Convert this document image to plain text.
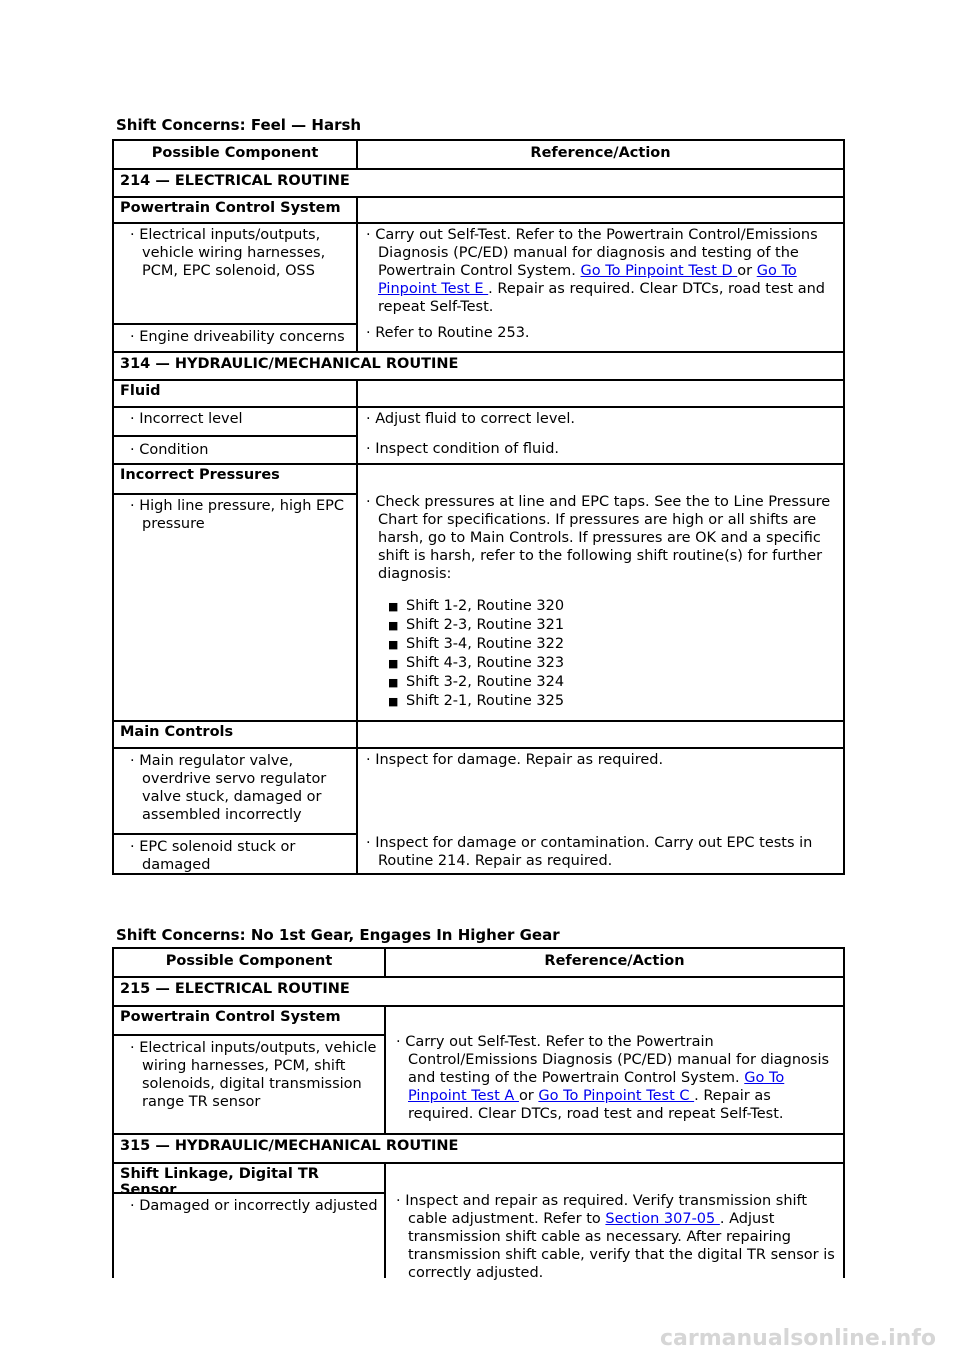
Shift Concerns: Feel — Harsh
Possible Component	Reference/Action
214 — ELECTRICAL ROUTINE
Powertrain Control System
· Electrical inputs/outputs, vehicle wiring harnesses, PCM, EPC solenoid, OSS
· Engine driveability concerns
· Carry out Self-Test. Refer to the Powertrain Control/Emissions Diagnosis (PC/ED) manual for diagnosis and testing of the Powertrain Control System. Go To Pinpoint Test D or Go To Pinpoint Test E . Repair as required. Clear DTCs, road test and repeat Self-Test.
· Refer to Routine 253.
314 — HYDRAULIC/MECHANICAL ROUTINE
Fluid
· Incorrect level
· Condition
· Adjust fluid to correct level.
· Inspect condition of fluid.
Incorrect Pressures
· High line pressure, high EPC pressure
· Check pressures at line and EPC taps. See the to Line Pressure Chart for specifications. If pressures are high or all shifts are harsh, go to Main Controls. If pressures are OK and a specific shift is harsh, refer to the following shift routine(s) for further diagnosis:
■ Shift 1-2, Routine 320
■ Shift 2-3, Routine 321
■ Shift 3-4, Routine 322
■ Shift 4-3, Routine 323
■ Shift 3-2, Routine 324
■ Shift 2-1, Routine 325
Main Controls
· Main regulator valve, overdrive servo regulator valve stuck, damaged or assembled incorrectly
· EPC solenoid stuck or damaged
· Inspect for damage. Repair as required.
· Inspect for damage or contamination. Carry out EPC tests in Routine 214. Repair as required.
Shift Concerns: No 1st Gear, Engages In Higher Gear
Possible Component	Reference/Action
215 — ELECTRICAL ROUTINE
Powertrain Control System
· Electrical inputs/outputs, vehicle wiring harnesses, PCM, shift solenoids, digital transmission range TR sensor
· Carry out Self-Test. Refer to the Powertrain Control/Emissions Diagnosis (PC/ED) manual for diagnosis and testing of the Powertrain Control System. Go To Pinpoint Test A or Go To Pinpoint Test C . Repair as required. Clear DTCs, road test and repeat Self-Test.
315 — HYDRAULIC/MECHANICAL ROUTINE
Shift Linkage, Digital TR Sensor
· Damaged or incorrectly adjusted
·	Inspect and repair as required. Verify transmission shift cable adjustment. Refer to Section 307-05 . Adjust transmission shift cable as necessary. After repairing transmission shift cable, verify that the digital TR sensor is correctly adjusted.
carmanualsonline.info
